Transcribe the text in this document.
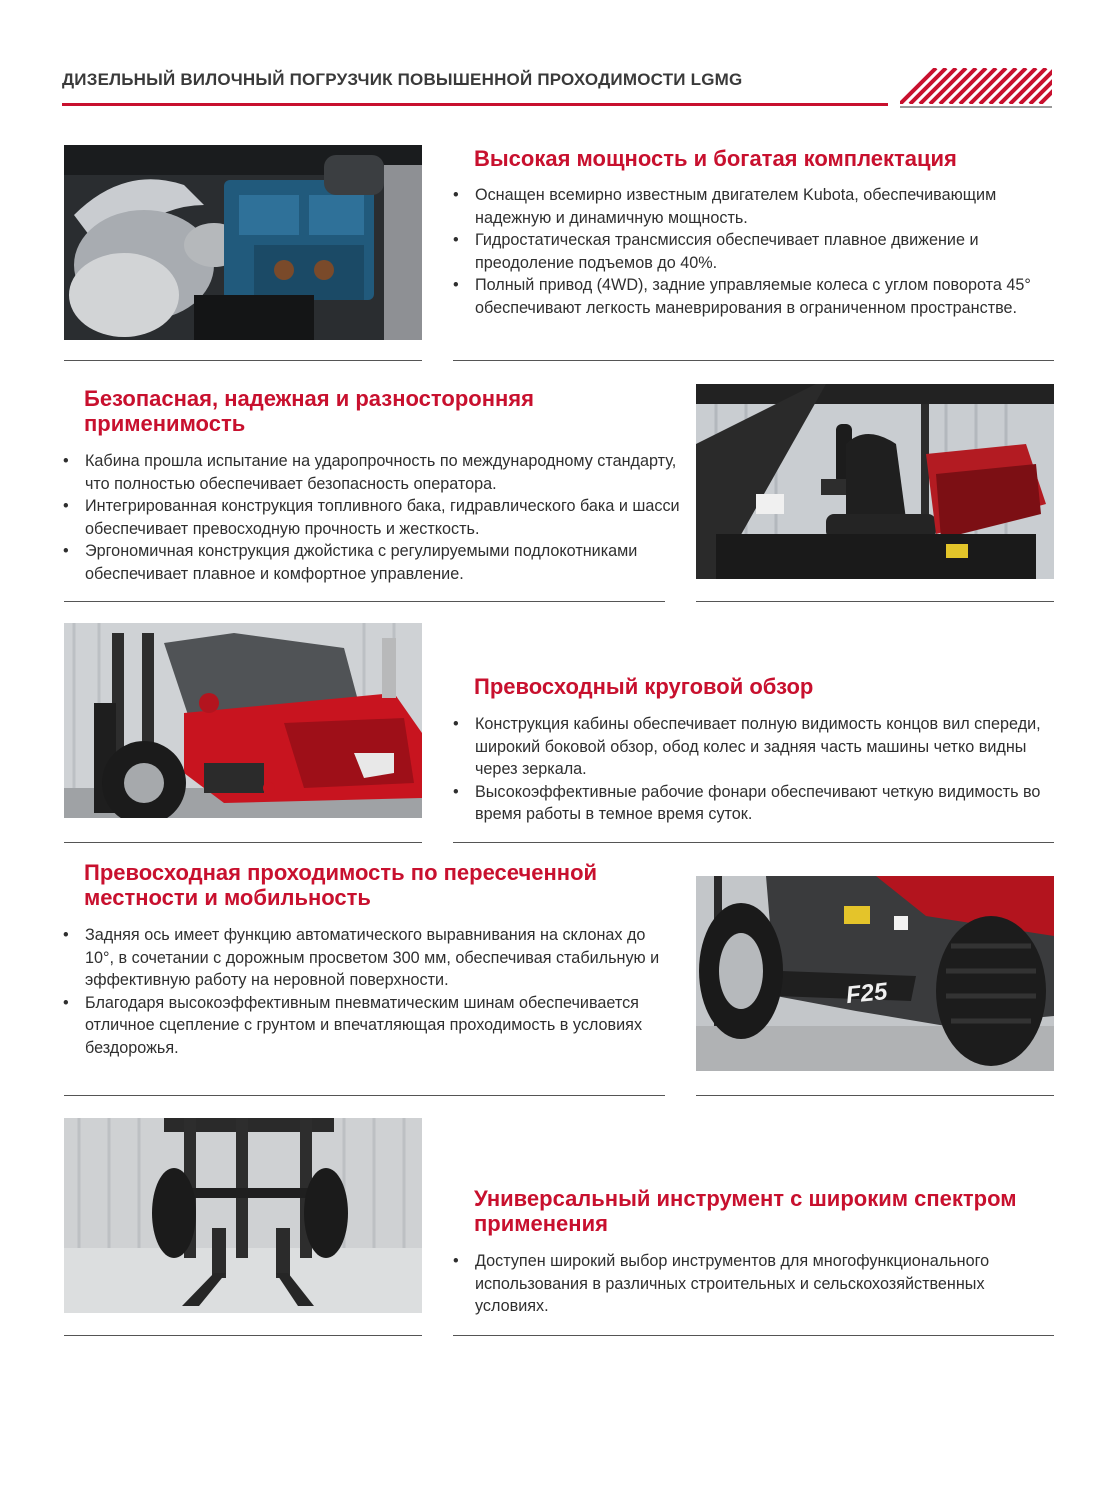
ДИЗЕЛЬНЫЙ ВИЛОЧНЫЙ ПОГРУЗЧИК ПОВЫШЕННОЙ ПРОХОДИМОСТИ LGMG
Высокая мощность и богатая комплектация
• Оснащен всемирно известным двигателем Kubota, обеспечивающим надежную и динамичную мощность.
• Гидростатическая трансмиссия обеспечивает плавное движение и преодоление подъемов до 40%.
• Полный привод (4WD), задние управляемые колеса с углом поворота 45° обеспечивают легкость маневрирования в ограниченном пространстве.
Безопасная, надежная и разносторонняя применимость
• Кабина прошла испытание на ударопрочность по международному стандарту, что полностью обеспечивает безопасность оператора.
• Интегрированная конструкция топливного бака, гидравлического бака и шасси обеспечивает превосходную прочность и жесткость.
• Эргономичная конструкция джойстика с регулируемыми подлокотниками обеспечивает плавное и комфортное управление.
Превосходный круговой обзор
• Конструкция кабины обеспечивает полную видимость концов вил спереди, широкий боковой обзор, обод колес и задняя часть машины четко видны через зеркала.
• Высокоэффективные рабочие фонари обеспечивают четкую видимость во время работы в темное время суток.
Превосходная проходимость по пересеченной местности и мобильность
• Задняя ось имеет функцию автоматического выравнивания на склонах до 10°, в сочетании с дорожным просветом 300 мм, обеспечивая стабильную и эффективную работу на неровной поверхности.
• Благодаря высокоэффективным пневматическим шинам обеспечивается отличное сцепление с грунтом и впечатляющая проходимость в условиях бездорожья.
F25
Универсальный инструмент с широким спектром применения
• Доступен широкий выбор инструментов для многофункционального использования в различных строительных и сельскохозяйственных условиях.
